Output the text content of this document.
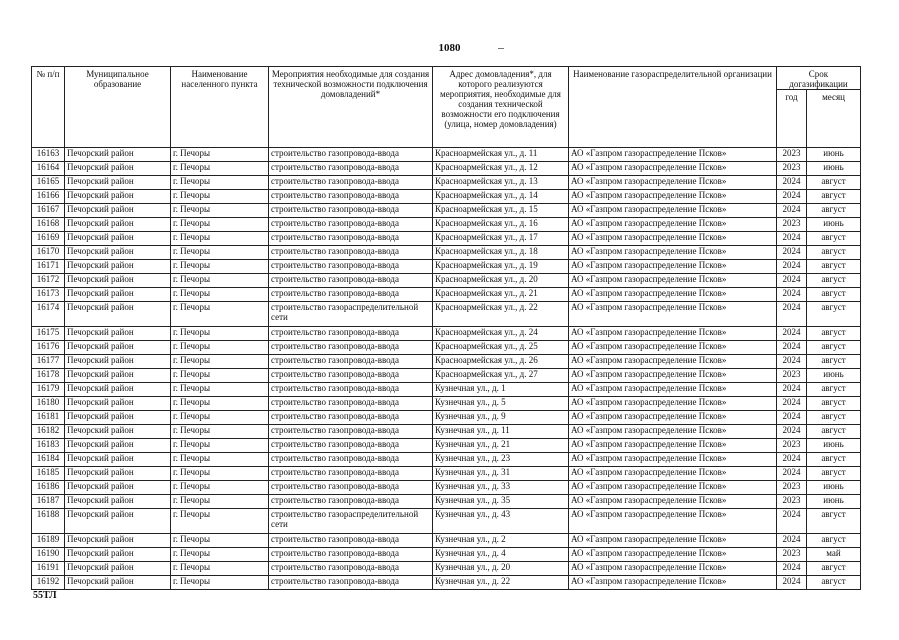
1080
№ п/п	Муниципальное образование	Наименование населенного пункта	Мероприятия необходимые для создания технической возможности подключения домовладений*	Адрес домовладения*, для которого реализуются мероприятия, необходимые для создания технической возможности его подключения (улица, номер домовладения)	Наименование газораспределительной организации	Срок догазификации	
						год	месяц
16163	Печорский район	г. Печоры	строительство газопровода-ввода	Красноармейская ул., д. 11	АО «Газпром газораспределение Псков»	2023	июнь
16164	Печорский район	г. Печоры	строительство газопровода-ввода	Красноармейская ул., д. 12	АО «Газпром газораспределение Псков»	2023	июнь
16165	Печорский район	г. Печоры	строительство газопровода-ввода	Красноармейская ул., д. 13	АО «Газпром газораспределение Псков»	2024	август
16166	Печорский район	г. Печоры	строительство газопровода-ввода	Красноармейская ул., д. 14	АО «Газпром газораспределение Псков»	2024	август
16167	Печорский район	г. Печоры	строительство газопровода-ввода	Красноармейская ул., д. 15	АО «Газпром газораспределение Псков»	2024	август
16168	Печорский район	г. Печоры	строительство газопровода-ввода	Красноармейская ул., д. 16	АО «Газпром газораспределение Псков»	2023	июнь
16169	Печорский район	г. Печоры	строительство газопровода-ввода	Красноармейская ул., д. 17	АО «Газпром газораспределение Псков»	2024	август
16170	Печорский район	г. Печоры	строительство газопровода-ввода	Красноармейская ул., д. 18	АО «Газпром газораспределение Псков»	2024	август
16171	Печорский район	г. Печоры	строительство газопровода-ввода	Красноармейская ул., д. 19	АО «Газпром газораспределение Псков»	2024	август
16172	Печорский район	г. Печоры	строительство газопровода-ввода	Красноармейская ул., д. 20	АО «Газпром газораспределение Псков»	2024	август
16173	Печорский район	г. Печоры	строительство газопровода-ввода	Красноармейская ул., д. 21	АО «Газпром газораспределение Псков»	2024	август
16174	Печорский район	г. Печоры	строительство газораспределительной сети	Красноармейская ул., д. 22	АО «Газпром газораспределение Псков»	2024	август
16175	Печорский район	г. Печоры	строительство газопровода-ввода	Красноармейская ул., д. 24	АО «Газпром газораспределение Псков»	2024	август
16176	Печорский район	г. Печоры	строительство газопровода-ввода	Красноармейская ул., д. 25	АО «Газпром газораспределение Псков»	2024	август
16177	Печорский район	г. Печоры	строительство газопровода-ввода	Красноармейская ул., д. 26	АО «Газпром газораспределение Псков»	2024	август
16178	Печорский район	г. Печоры	строительство газопровода-ввода	Красноармейская ул., д. 27	АО «Газпром газораспределение Псков»	2023	июнь
16179	Печорский район	г. Печоры	строительство газопровода-ввода	Кузнечная ул., д. 1	АО «Газпром газораспределение Псков»	2024	август
16180	Печорский район	г. Печоры	строительство газопровода-ввода	Кузнечная ул., д. 5	АО «Газпром газораспределение Псков»	2024	август
16181	Печорский район	г. Печоры	строительство газопровода-ввода	Кузнечная ул., д. 9	АО «Газпром газораспределение Псков»	2024	август
16182	Печорский район	г. Печоры	строительство газопровода-ввода	Кузнечная ул., д. 11	АО «Газпром газораспределение Псков»	2024	август
16183	Печорский район	г. Печоры	строительство газопровода-ввода	Кузнечная ул., д. 21	АО «Газпром газораспределение Псков»	2023	июнь
16184	Печорский район	г. Печоры	строительство газопровода-ввода	Кузнечная ул., д. 23	АО «Газпром газораспределение Псков»	2024	август
16185	Печорский район	г. Печоры	строительство газопровода-ввода	Кузнечная ул., д. 31	АО «Газпром газораспределение Псков»	2024	август
16186	Печорский район	г. Печоры	строительство газопровода-ввода	Кузнечная ул., д. 33	АО «Газпром газораспределение Псков»	2023	июнь
16187	Печорский район	г. Печоры	строительство газопровода-ввода	Кузнечная ул., д. 35	АО «Газпром газораспределение Псков»	2023	июнь
16188	Печорский район	г. Печоры	строительство газораспределительной сети	Кузнечная ул., д. 43	АО «Газпром газораспределение Псков»	2024	август
16189	Печорский район	г. Печоры	строительство газопровода-ввода	Кузнечная ул., д. 2	АО «Газпром газораспределение Псков»	2024	август
16190	Печорский район	г. Печоры	строительство газопровода-ввода	Кузнечная ул., д. 4	АО «Газпром газораспределение Псков»	2023	май
16191	Печорский район	г. Печоры	строительство газопровода-ввода	Кузнечная ул., д. 20	АО «Газпром газораспределение Псков»	2024	август
16192	Печорский район	г. Печоры	строительство газопровода-ввода	Кузнечная ул., д. 22	АО «Газпром газораспределение Псков»	2024	август
55ТЛ
